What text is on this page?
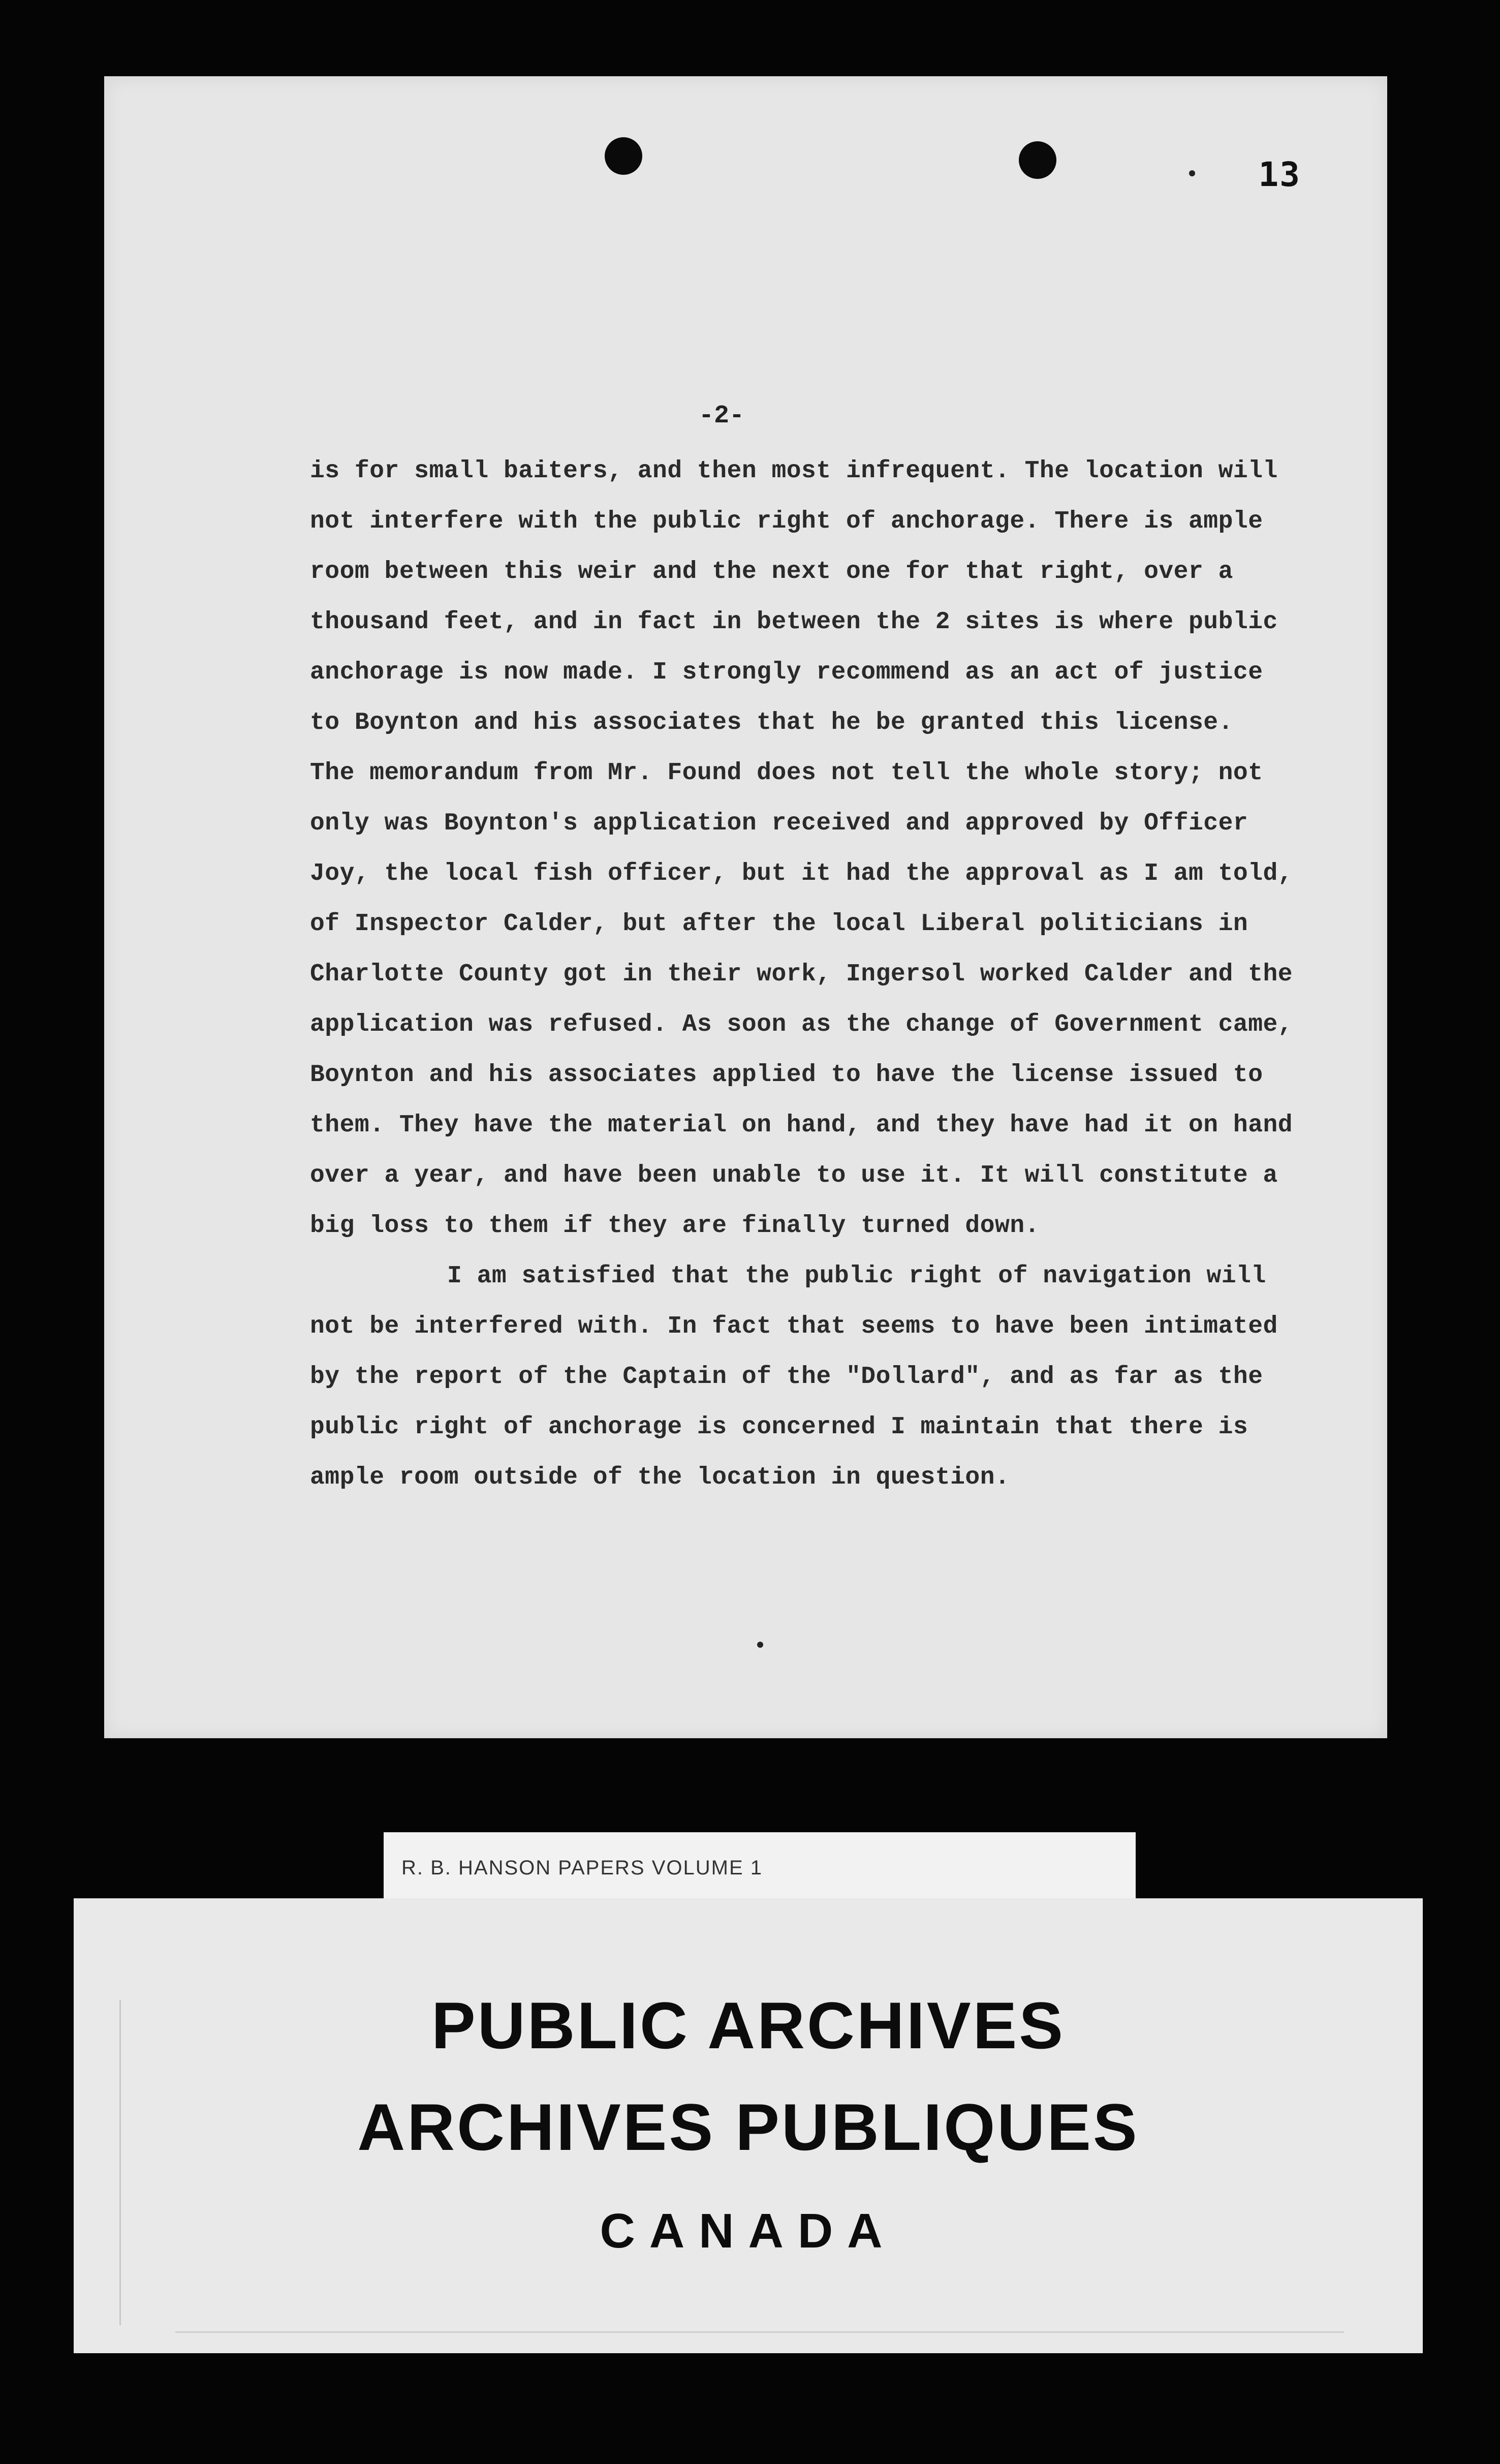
13
-2-
is for small baiters, and then most infrequent. The location will
not interfere with the public right of anchorage. There is ample
room between this weir and the next one for that right, over a
thousand feet, and in fact in between the 2 sites is where public
anchorage is now made. I strongly recommend as an act of justice
to Boynton and his associates that he be granted this license.
The memorandum from Mr. Found does not tell the whole story; not
only was Boynton's application received and approved by Officer
Joy, the local fish officer, but it had the approval as I am told,
of Inspector Calder, but after the local Liberal politicians in
Charlotte County got in their work, Ingersol worked Calder and the
application was refused. As soon as the change of Government came,
Boynton and his associates applied to have the license issued to
them. They have the material on hand, and they have had it on hand
over a year, and have been unable to use it. It will constitute a
big loss to them if they are finally turned down.
I am satisfied that the public right of navigation will
not be interfered with. In fact that seems to have been intimated
by the report of the Captain of the "Dollard", and as far as the
public right of anchorage is concerned I maintain that there is
ample room outside of the location in question.
R. B. HANSON PAPERS VOLUME 1
PUBLIC ARCHIVES
ARCHIVES PUBLIQUES
CANADA
